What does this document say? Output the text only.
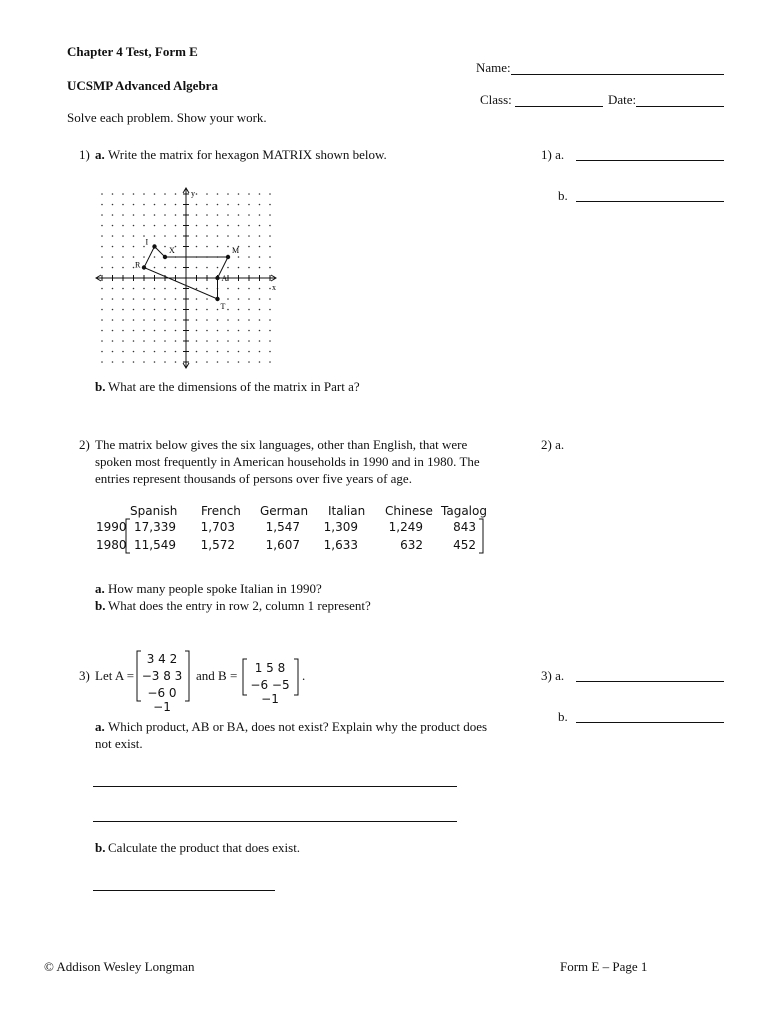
Chapter 4 Test, Form E
UCSMP Advanced Algebra
Solve each problem. Show your work.
Name:
Class:	Date:
1) a. Write the matrix for hexagon MATRIX shown below.	1) a.
b.
x
y
I
X	M
R
A
T
b. What are the dimensions of the matrix in Part a?
2) The matrix below gives the six languages, other than English, that were
spoken most frequently in American households in 1990 and in 1980. The
entries represent thousands of persons over five years of age.
2) a.
Spanish French German Italian Chinese Tagalog
1990
1980
17,339	1,703	1,547	1,309	1,249	843
11,549	1,572	1,607	1,633	632	452
a. How many people spoke Italian in 1990?
b. What does the entry in row 2, column 1 represent?
3) Let A =
3 4 2
−3 8 3
−6 0 −1
and B =	1 5 8
−6 −5 −1
.	3) a.
b.
a. Which product, AB or BA, does not exist? Explain why the product does
not exist.
b. Calculate the product that does exist.
© Addison Wesley Longman	Form E – Page 1
